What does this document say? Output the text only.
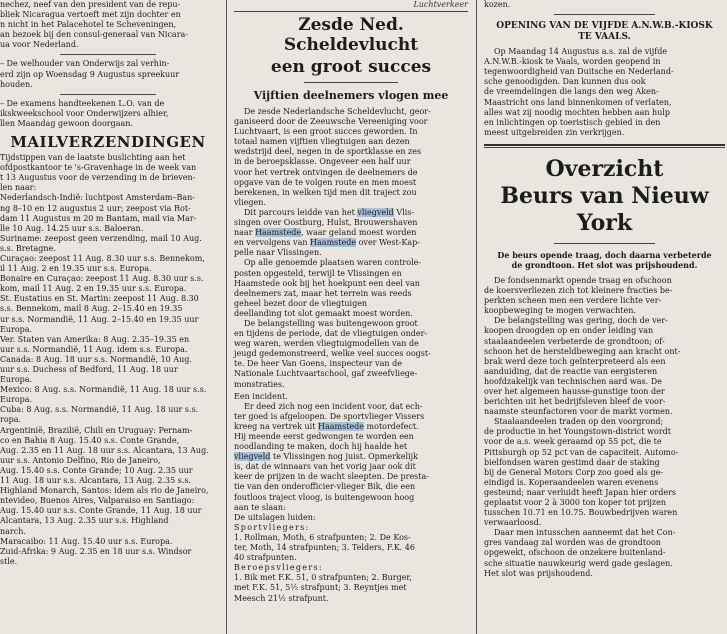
nechez, neef van den president van de repu-

bliek Nicaragua vertoeft met zijn dochter en

n nicht in het Palacehotel te Scheveningen,

an bezoek bij den consul-generaal van Nicara-

ua voor Nederland.

– De welhouder van Onderwijs zal verhin-

erd zijn op Woensdag 9 Augustus spreekuur

houden.

– De examens handteekenen L.O. van de

ikskweekschool voor Onderwijzers alhier,

llen Maandag gewoon doorgaan.

MAILVERZENDINGEN

Tijdstippen van de laatste buslichting aan het

ofdpostkantoor te 's-Gravenhage in de week van

t 13 Augustus voor de verzending in de brieven-

len naar:

Nederlandsch-Indië: luchtpost Amsterdam–Ban-

ng 8–10 en 12 augustus 2 uur; zeepost via Rot-

dam 11 Augustus m 20 m Bantam, mail via Mar-

lle 10 Aug. 14.25 uur s.s. Baloeran.

Suriname: zeepost geen verzending, mail 10 Aug.

s.s. Bretagne.

Curaçao: zeepost 11 Aug. 8.30 uur s.s. Bennekom,

il 11 Aug. 2 en 19.35 uur s.s. Europa.

Bonaire en Curaçao: zeepost 11 Aug. 8.30 uur s.s.

kom, mail 11 Aug. 2 en 19.35 uur s.s. Europa.

St. Eustatius en St. Martin: zeepost 11 Aug. 8.30

s.s. Bennekom, mail 8 Aug. 2–15.40 en 19.35

ur s.s. Normandië, 11 Aug. 2–15.40 en 19.35 uur

Europa.

Ver. Staten van Amerika: 8 Aug. 2.35–19.35 en

uur s.s. Normandië, 11 Aug. idem s.s. Europa.

Canada: 8 Aug. 18 uur s.s. Normandië, 10 Aug.

uur s.s. Duchess of Bedford, 11 Aug. 18 uur

Europa.

Mexico: 8 Aug. s.s. Normandië, 11 Aug. 18 uur s.s.

Europa.

Cuba: 8 Aug. s.s. Normandië, 11 Aug. 18 uur s.s.

ropa.

Argentinië, Brazilië, Chili en Uruguay: Pernam-

co en Bahia 8 Aug. 15.40 s.s. Conte Grande,

Aug. 2.35 en 11 Aug. 18 uur s.s. Alcantara, 13 Aug.

uur s.s. Antonio Delfino, Rio de Janeiro,

Aug. 15.40 s.s. Conte Grande; 10 Aug. 2.35 uur

11 Aug. 18 uur s.s. Alcantara, 13 Aug. 2.35 s.s.

Highland Monarch, Santos: idem als rio de Janeiro,

ntevideo, Buenos Aires, Valparaiso en Santiago:

Aug. 15.40 uur s.s. Conte Grande, 11 Aug. 18 uur

Alcantara, 13 Aug. 2.35 uur s.s. Highland

narch.

Maracaibo: 11 Aug. 15.40 uur s.s. Europa.

Zuid-Afrika: 9 Aug. 2.35 en 18 uur s.s. Windsor

stle.

Luchtverkeer
Zesde Ned. Scheldevlucht
een groot succes
Vijftien deelnemers vlogen mee

De zesde Nederlandsche Scheldevlucht, geor-

ganiseerd door de Zeeuwsche Vereeniging voor

Luchtvaart, is een groot succes geworden. In

totaal namen vijftien vliegtuigen aan dezen

wedstrijd deel, negen in de sportklasse en zes

in de beroepsklasse. Ongeveer een half uur

voor het vertrek ontvingen de deelnemers de

opgave van de te volgen route en men moest

berekenen, in welken tijd men dit traject zou

vliegen.

Dit parcours leidde van het vliegveld Vlis-

singen over Oostburg, Hulst, Brouwershaven

naar Haamstede, waar geland moest worden

en vervolgens van Haamstede over West-Kap-

pelle naar Vlissingen.

Op alle genoemde plaatsen waren controle-

posten opgesteld, terwijl te Vlissingen en

Haamstede ook bij het hoekpunt een deel van

deelnemers zat, maar het terrein was reeds

geheel bezet door de vliegtuigen

deellanding tot slot gemaakt moest worden.

De belangstelling was buitengewoon groot

en tijdens de periode, dat de vliegtuigen onder-

weg waren, werden vliegtuigmodellen van de

jeugd gedemonstreerd, welke veel succes oogst-

te. De heer Van Goens, inspecteur van de

Nationale Luchtvaartschool, gaf zweefvliege-

monstraties.

Een incident.

Er deed zich nog een incident voor, dat ech-

ter goed is afgeloopen. De sportvlieger Vissers

kreeg na vertrek uit Haamstede motordefect.

Hij meende eerst gedwongen te worden een

noodlanding te maken, doch hij haalde het

vliegveld te Vlissingen nog juist. Opmerkelijk

is, dat de winnaars van het vorig jaar ook dit

keer de prijzen in de wacht sleepten. De presta-

tie van den onderofficier-vlieger Bik, die een

foutloos traject vloog, is buitengewoon hoog

aan te slaan:

De uitslagen luiden:

Sportvliegers:

1. Rollman, Moth, 6 strafpunten; 2. De Kos-

ter, Moth, 14 strafpunten; 3. Telders, F.K. 46

40 strafpunten.

Beroepsvliegers:

1. Bik met F.K. 51, 0 strafpunten; 2. Burger,

met F.K. 51, 5½ strafpunt; 3. Reyntjes met

Meesch 21½ strafpunt.

kozen.

OPENING VAN DE VIJFDE A.N.W.B.-KIOSK
TE VAALS.

Op Maandag 14 Augustus a.s. zal de vijfde

A.N.W.B.-kiosk te Vaals, worden geopend in

tegenwoordigheid van Duitsche en Nederland-

sche genoodigden. Dan kunnen dus ook

de vreemdelingen die langs den weg Aken-

Maastricht ons land binnenkomen of verlaten,

alles wat zij noodig mochten hebben aan hulp

en inlichtingen op toeristisch gebied in den

meest uitgebreiden zin verkrijgen.

Overzicht
Beurs van Nieuw York
De beurs opende traag, doch daarna verbeterde de grondtoon. Het slot was prijshoudend.

De fondsenmarkt opende traag en ofschoon

de koersverliezen zich tot kleinere fracties be-

perkten scheen men een verdere lichte ver-

koopbeweging te mogen verwachten.

De belangstelling was gering, doch de ver-

koopen droogden op en onder leiding van

staalaandeelen verbeterde de grondtoon; of-

schoon het de hersteldbeweging aan kracht ont-

brak werd deze toch geïnterpreteerd als een

aanduiding, dat de reactie van eergisteren

hoofdzakelijk van technischen aard was. De

over het algemeen hausse-gunstige toon der

berichten uit het bedrijfsleven bleef de voor-

naamste steunfactoren voor de markt vormen.

Staalaandeelen traden op den voorgrond;

de productie in het Youngstown-district wordt

voor de a.s. week geraamd op 55 pct, die te

Pittsburgh op 52 pct van de capaciteit. Automo-

bielfondsen waren gestimd daar de staking

bij de General Motors Corp zoo goed als ge-

eindigd is. Koperaandeelen waren evenens

gesteund; naar verluidt heeft Japan hier orders

geplaatst voor 2 à 3000 ton koper tot prijzen

tusschen 10.71 en 10.75. Bouwbedrijven waren

verwaarloosd.

Daar men intusschen aanneemt dat het Con-

gres vandaag zal worden was de grondtoon

opgewekt, ofschoon de onzekere buitenland-

sche situatie nauwkeurig werd gade geslagen.

Het slot was prijshoudend.
